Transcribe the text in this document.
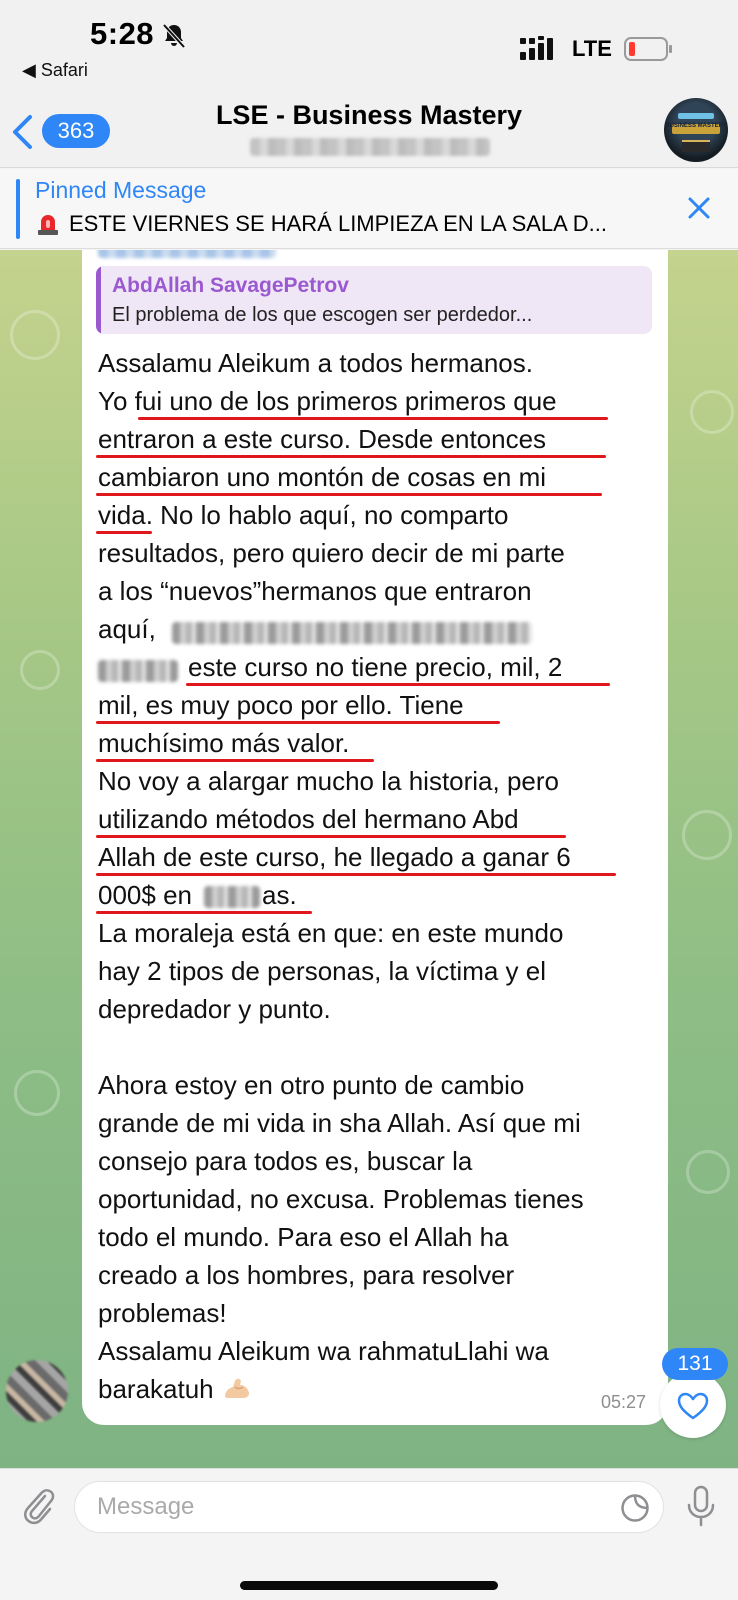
5:28
◀ Safari
LTE
363
LSE - Business Mastery	BUSINESS MASTERY
Pinned Message
ESTE VIERNES SE HARÁ LIMPIEZA EN LA SALA D...
AbdAllah SavagePetrov
El problema de los que escogen ser perdedor...
Assalamu Aleikum a todos hermanos.
Yo fui uno de los primeros primeros que
entraron a este curso. Desde entonces
cambiaron uno montón de cosas en mi
vida. No lo hablo aquí, no comparto
resultados, pero quiero decir de mi parte
a los “nuevos”hermanos que entraron
aquí,
este curso no tiene precio, mil, 2
mil, es muy poco por ello. Tiene
muchísimo más valor.
No voy a alargar mucho la historia, pero
utilizando métodos del hermano Abd
Allah de este curso, he llegado a ganar 6
000$ en	as.
La moraleja está en que: en este mundo
hay 2 tipos de personas, la víctima y el
depredador y punto.
Ahora estoy en otro punto de cambio
grande de mi vida in sha Allah. Así que mi
consejo para todos es, buscar la
oportunidad, no excusa. Problemas tienes
todo el mundo. Para eso el Allah ha
creado a los hombres, para resolver
problemas!
Assalamu Aleikum wa rahmatuLlahi wa
barakatuh	05:27
131
Message
